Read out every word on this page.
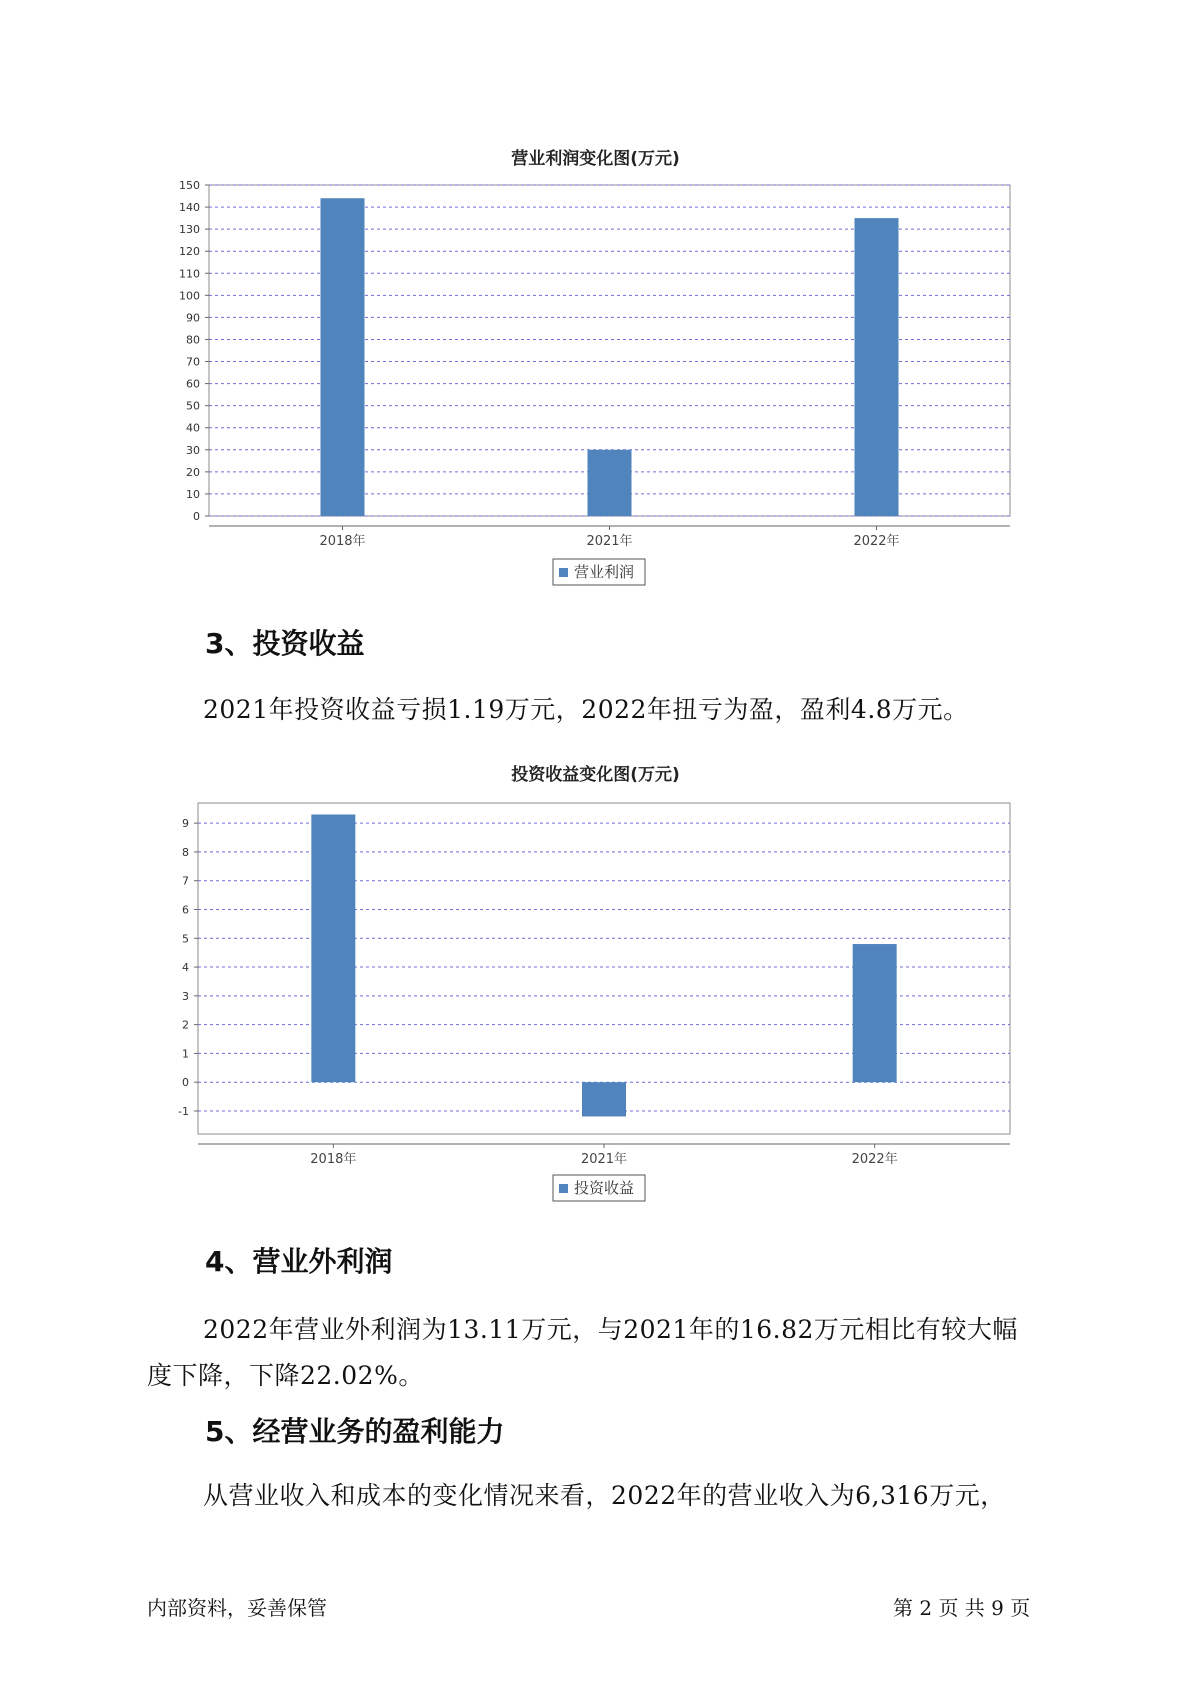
营业利润变化图(万元)
0
10
20
30
40
50
60
70
80
90
100
110
120
130
140
150
2018年	2021年	2022年
营业利润
3、投资收益
2021年投资收益亏损1.19万元，2022年扭亏为盈，盈利4.8万元。
投资收益变化图(万元)
-1
0
1
2
3
4
5
6
7
8
9
2018年	2021年	2022年
投资收益
4、营业外利润
2022年营业外利润为13.11万元，与2021年的16.82万元相比有较大幅
度下降，下降22.02%。
5、经营业务的盈利能力
从营业收入和成本的变化情况来看，2022年的营业收入为6,316万元，
内部资料，妥善保管	第 2 页 共 9 页
